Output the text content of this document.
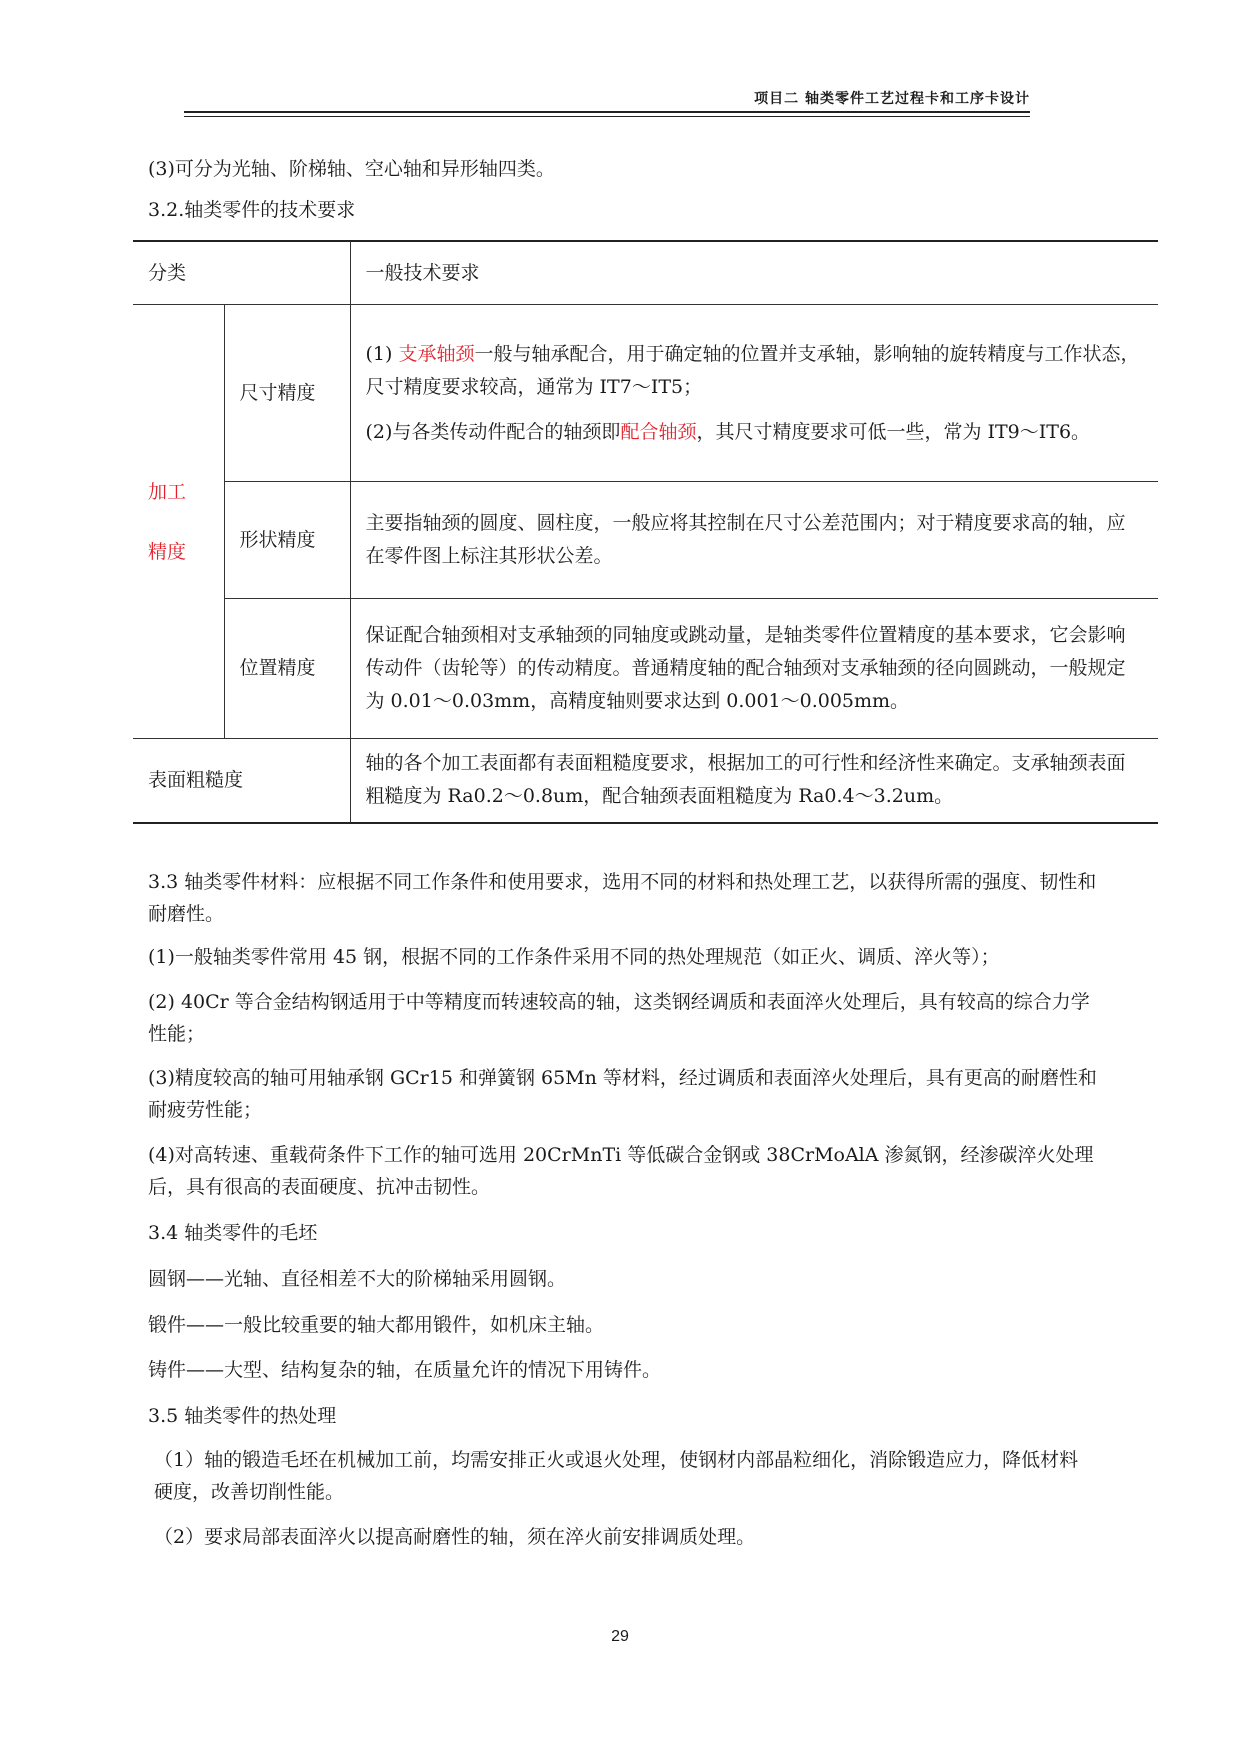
项目二 轴类零件工艺过程卡和工序卡设计
(3)可分为光轴、阶梯轴、空心轴和异形轴四类。
3.2.轴类零件的技术要求
分类		一般技术要求
加工
精度	尺寸精度	(1) 支承轴颈一般与轴承配合，用于确定轴的位置并支承轴，影响轴的旋转精度与工作状态，尺寸精度要求较高，通常为 IT7～IT5；
(2)与各类传动件配合的轴颈即配合轴颈，其尺寸精度要求可低一些，常为 IT9～IT6。
	形状精度	主要指轴颈的圆度、圆柱度，一般应将其控制在尺寸公差范围内；对于精度要求高的轴，应在零件图上标注其形状公差。
	位置精度	保证配合轴颈相对支承轴颈的同轴度或跳动量，是轴类零件位置精度的基本要求，它会影响传动件（齿轮等）的传动精度。普通精度轴的配合轴颈对支承轴颈的径向圆跳动，一般规定为 0.01～0.03mm，高精度轴则要求达到 0.001～0.005mm。
表面粗糙度		轴的各个加工表面都有表面粗糙度要求，根据加工的可行性和经济性来确定。支承轴颈表面粗糙度为 Ra0.2～0.8um，配合轴颈表面粗糙度为 Ra0.4～3.2um。
3.3 轴类零件材料：应根据不同工作条件和使用要求，选用不同的材料和热处理工艺，以获得所需的强度、韧性和耐磨性。
(1)一般轴类零件常用 45 钢，根据不同的工作条件采用不同的热处理规范（如正火、调质、淬火等）；
(2) 40Cr 等合金结构钢适用于中等精度而转速较高的轴，这类钢经调质和表面淬火处理后，具有较高的综合力学性能；
(3)精度较高的轴可用轴承钢 GCr15 和弹簧钢 65Mn 等材料，经过调质和表面淬火处理后，具有更高的耐磨性和耐疲劳性能；
(4)对高转速、重载荷条件下工作的轴可选用 20CrMnTi 等低碳合金钢或 38CrMoAlA 渗氮钢，经渗碳淬火处理后，具有很高的表面硬度、抗冲击韧性。
3.4 轴类零件的毛坯
圆钢——光轴、直径相差不大的阶梯轴采用圆钢。
锻件——一般比较重要的轴大都用锻件，如机床主轴。
铸件——大型、结构复杂的轴，在质量允许的情况下用铸件。
3.5 轴类零件的热处理
（1）轴的锻造毛坯在机械加工前，均需安排正火或退火处理，使钢材内部晶粒细化，消除锻造应力，降低材料硬度，改善切削性能。
（2）要求局部表面淬火以提高耐磨性的轴，须在淬火前安排调质处理。
29
